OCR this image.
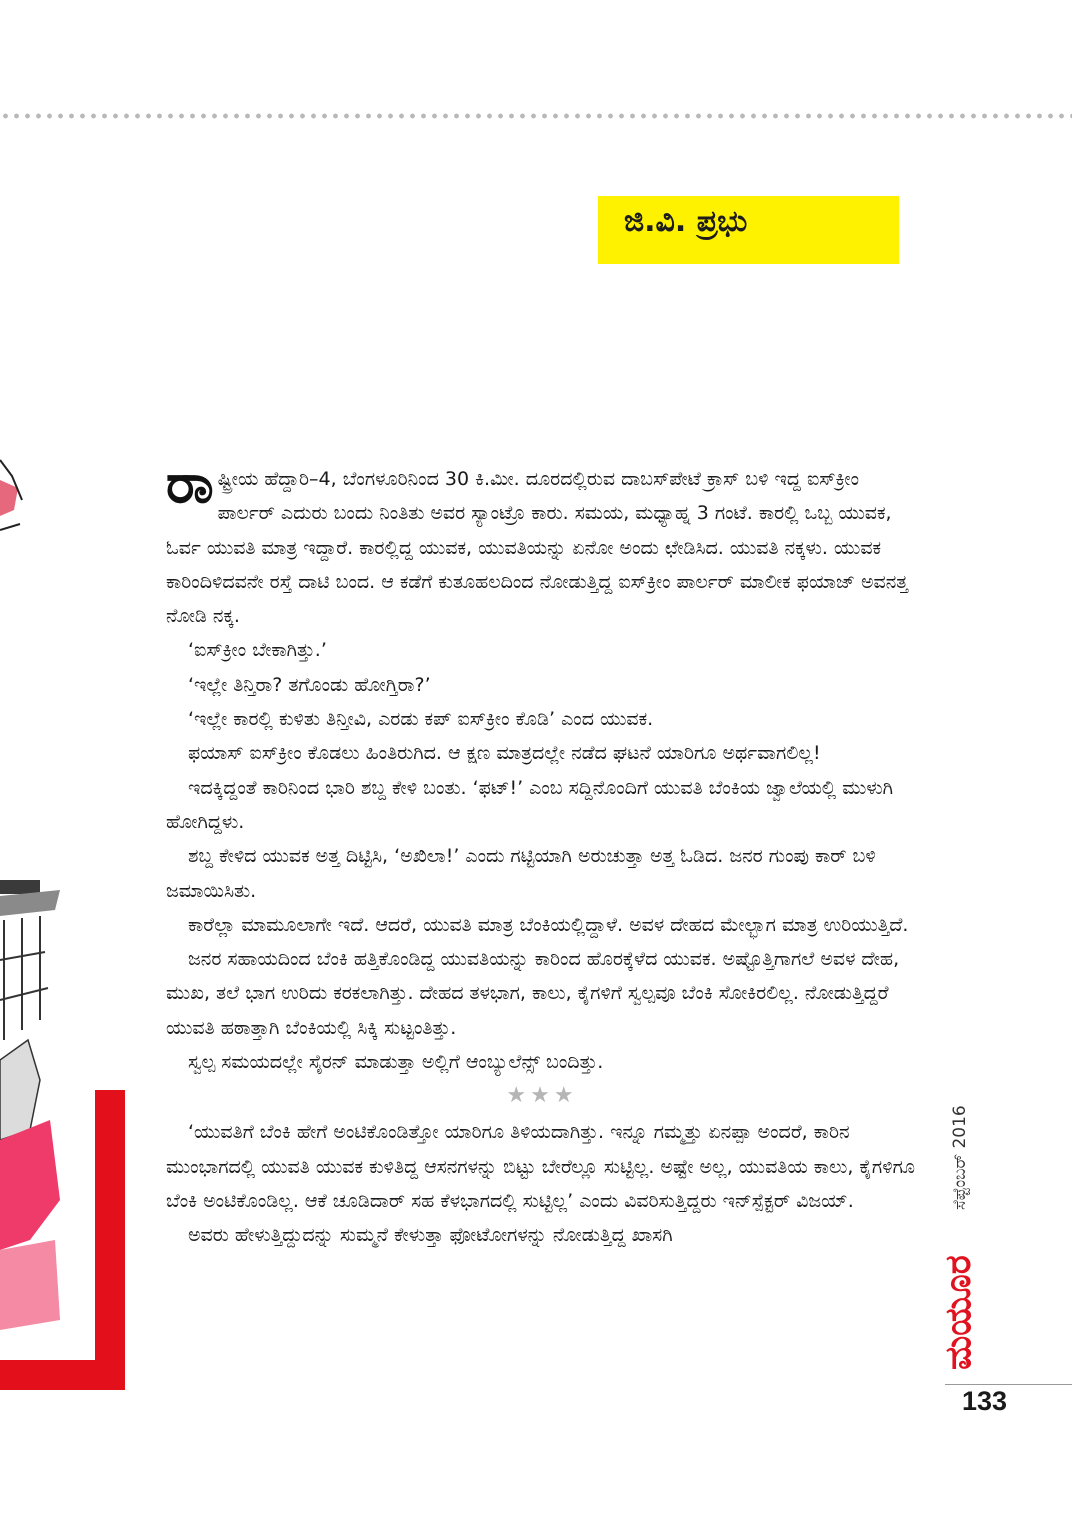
ಜಿ.ವಿ. ಪ್ರಭು

ರಾಷ್ಟ್ರೀಯ ಹೆದ್ದಾರಿ–4, ಬೆಂಗಳೂರಿನಿಂದ 30 ಕಿ.ಮೀ. ದೂರದಲ್ಲಿರುವ ದಾಬಸ್‌ಪೇಟೆ ಕ್ರಾಸ್ ಬಳಿ ಇದ್ದ ಐಸ್‌ಕ್ರೀಂ ಪಾರ್ಲರ್ ಎದುರು ಬಂದು ನಿಂತಿತು ಅವರ ಸ್ಯಾಂಟ್ರೊ ಕಾರು. ಸಮಯ, ಮಧ್ಯಾಹ್ನ 3 ಗಂಟೆ. ಕಾರಲ್ಲಿ ಒಬ್ಬ ಯುವಕ, ಓರ್ವ ಯುವತಿ ಮಾತ್ರ ಇದ್ದಾರೆ. ಕಾರಲ್ಲಿದ್ದ ಯುವಕ, ಯುವತಿಯನ್ನು ಏನೋ ಅಂದು ಛೇಡಿಸಿದ. ಯುವತಿ ನಕ್ಕಳು. ಯುವಕ ಕಾರಿಂದಿಳಿದವನೇ ರಸ್ತೆ ದಾಟಿ ಬಂದ. ಆ ಕಡೆಗೆ ಕುತೂಹಲದಿಂದ ನೋಡುತ್ತಿದ್ದ ಐಸ್‌ಕ್ರೀಂ ಪಾರ್ಲರ್ ಮಾಲೀಕ ಫಯಾಜ್ ಅವನತ್ತ ನೋಡಿ ನಕ್ಕ.

‘ಐಸ್‌ಕ್ರೀಂ ಬೇಕಾಗಿತ್ತು.’

‘ಇಲ್ಲೇ ತಿನ್ತಿರಾ? ತಗೊಂಡು ಹೋಗ್ತಿರಾ?’

‘ಇಲ್ಲೇ ಕಾರಲ್ಲಿ ಕುಳಿತು ತಿನ್ತೀವಿ, ಎರಡು ಕಪ್ ಐಸ್‌ಕ್ರೀಂ ಕೊಡಿ’ ಎಂದ ಯುವಕ.

ಫಯಾಸ್ ಐಸ್‌ಕ್ರೀಂ ಕೊಡಲು ಹಿಂತಿರುಗಿದ. ಆ ಕ್ಷಣ ಮಾತ್ರದಲ್ಲೇ ನಡೆದ ಘಟನೆ ಯಾರಿಗೂ ಅರ್ಥವಾಗಲಿಲ್ಲ!

ಇದಕ್ಕಿದ್ದಂತೆ ಕಾರಿನಿಂದ ಭಾರಿ ಶಬ್ದ ಕೇಳಿ ಬಂತು. ‘ಫಟ್!’ ಎಂಬ ಸದ್ದಿನೊಂದಿಗೆ ಯುವತಿ ಬೆಂಕಿಯ ಜ್ವಾಲೆಯಲ್ಲಿ ಮುಳುಗಿ ಹೋಗಿದ್ದಳು.

ಶಬ್ದ ಕೇಳಿದ ಯುವಕ ಅತ್ತ ದಿಟ್ಟಿಸಿ, ‘ಅಖಿಲಾ!’ ಎಂದು ಗಟ್ಟಿಯಾಗಿ ಅರುಚುತ್ತಾ ಅತ್ತ ಓಡಿದ. ಜನರ ಗುಂಪು ಕಾರ್ ಬಳಿ ಜಮಾಯಿಸಿತು.

ಕಾರೆಲ್ಲಾ ಮಾಮೂಲಾಗೇ ಇದೆ. ಆದರೆ, ಯುವತಿ ಮಾತ್ರ ಬೆಂಕಿಯಲ್ಲಿದ್ದಾಳೆ. ಅವಳ ದೇಹದ ಮೇಲ್ಭಾಗ ಮಾತ್ರ ಉರಿಯುತ್ತಿದೆ.

ಜನರ ಸಹಾಯದಿಂದ ಬೆಂಕಿ ಹತ್ತಿಕೊಂಡಿದ್ದ ಯುವತಿಯನ್ನು ಕಾರಿಂದ ಹೊರಕ್ಕೆಳೆದ ಯುವಕ. ಅಷ್ಟೊತ್ತಿಗಾಗಲೆ ಅವಳ ದೇಹ, ಮುಖ, ತಲೆ ಭಾಗ ಉರಿದು ಕರಕಲಾಗಿತ್ತು. ದೇಹದ ತಳಭಾಗ, ಕಾಲು, ಕೈಗಳಿಗೆ ಸ್ವಲ್ಪವೂ ಬೆಂಕಿ ಸೋಕಿರಲಿಲ್ಲ. ನೋಡುತ್ತಿದ್ದರೆ ಯುವತಿ ಹಠಾತ್ತಾಗಿ ಬೆಂಕಿಯಲ್ಲಿ ಸಿಕ್ಕಿ ಸುಟ್ಟಂತಿತ್ತು.

ಸ್ವಲ್ಪ ಸಮಯದಲ್ಲೇ ಸೈರನ್ ಮಾಡುತ್ತಾ ಅಲ್ಲಿಗೆ ಆಂಬ್ಯುಲೆನ್ಸ್ ಬಂದಿತ್ತು.

★★★

‘ಯುವತಿಗೆ ಬೆಂಕಿ ಹೇಗೆ ಅಂಟಿಕೊಂಡಿತ್ತೋ ಯಾರಿಗೂ ತಿಳಿಯದಾಗಿತ್ತು. ಇನ್ನೂ ಗಮ್ಮತ್ತು ಏನಪ್ಪಾ ಅಂದರೆ, ಕಾರಿನ ಮುಂಭಾಗದಲ್ಲಿ ಯುವತಿ ಯುವಕ ಕುಳಿತಿದ್ದ ಆಸನಗಳನ್ನು ಬಿಟ್ಟು ಬೇರೆಲ್ಲೂ ಸುಟ್ಟಿಲ್ಲ. ಅಷ್ಟೇ ಅಲ್ಲ, ಯುವತಿಯ ಕಾಲು, ಕೈಗಳಿಗೂ ಬೆಂಕಿ ಅಂಟಿಕೊಂಡಿಲ್ಲ. ಆಕೆ ಚೂಡಿದಾರ್ ಸಹ ಕೆಳಭಾಗದಲ್ಲಿ ಸುಟ್ಟಿಲ್ಲ’ ಎಂದು ವಿವರಿಸುತ್ತಿದ್ದರು ಇನ್‌ಸ್ಪೆಕ್ಟರ್ ವಿಜಯ್.

ಅವರು ಹೇಳುತ್ತಿದ್ದುದನ್ನು ಸುಮ್ಮನೆ ಕೇಳುತ್ತಾ ಫೋಟೋಗಳನ್ನು ನೋಡುತ್ತಿದ್ದ ಖಾಸಗಿ

ಸೆಪ್ಟೆಂಬರ್ 2016
ಮಯೂರ
133
